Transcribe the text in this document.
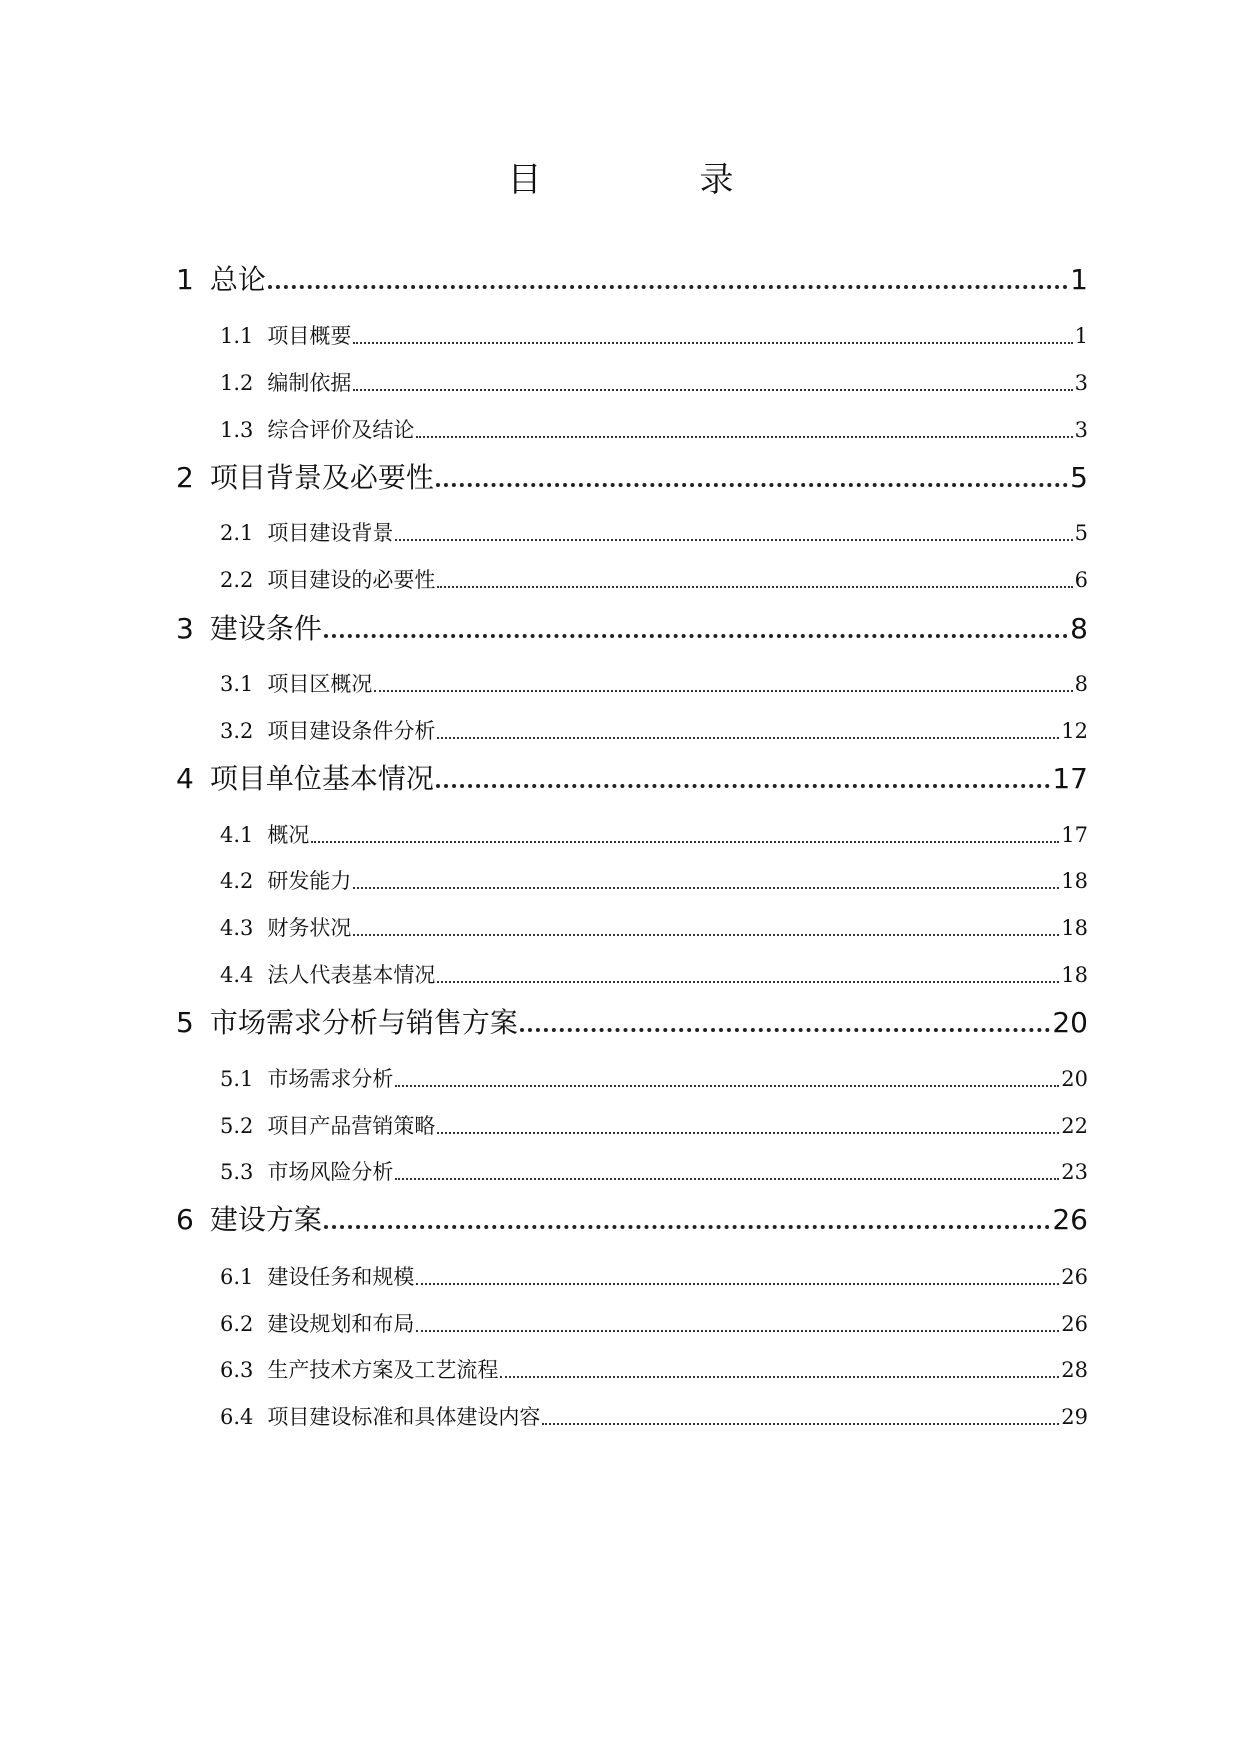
目　录
1 总论	1
1.1 项目概要	1
1.2 编制依据	3
1.3 综合评价及结论	3
2 项目背景及必要性	5
2.1 项目建设背景	5
2.2 项目建设的必要性	6
3 建设条件	8
3.1 项目区概况	8
3.2 项目建设条件分析	12
4 项目单位基本情况	17
4.1 概况	17
4.2 研发能力	18
4.3 财务状况	18
4.4 法人代表基本情况	18
5 市场需求分析与销售方案	20
5.1 市场需求分析	20
5.2 项目产品营销策略	22
5.3 市场风险分析	23
6 建设方案	26
6.1 建设任务和规模	26
6.2 建设规划和布局	26
6.3 生产技术方案及工艺流程	28
6.4 项目建设标准和具体建设内容	29
